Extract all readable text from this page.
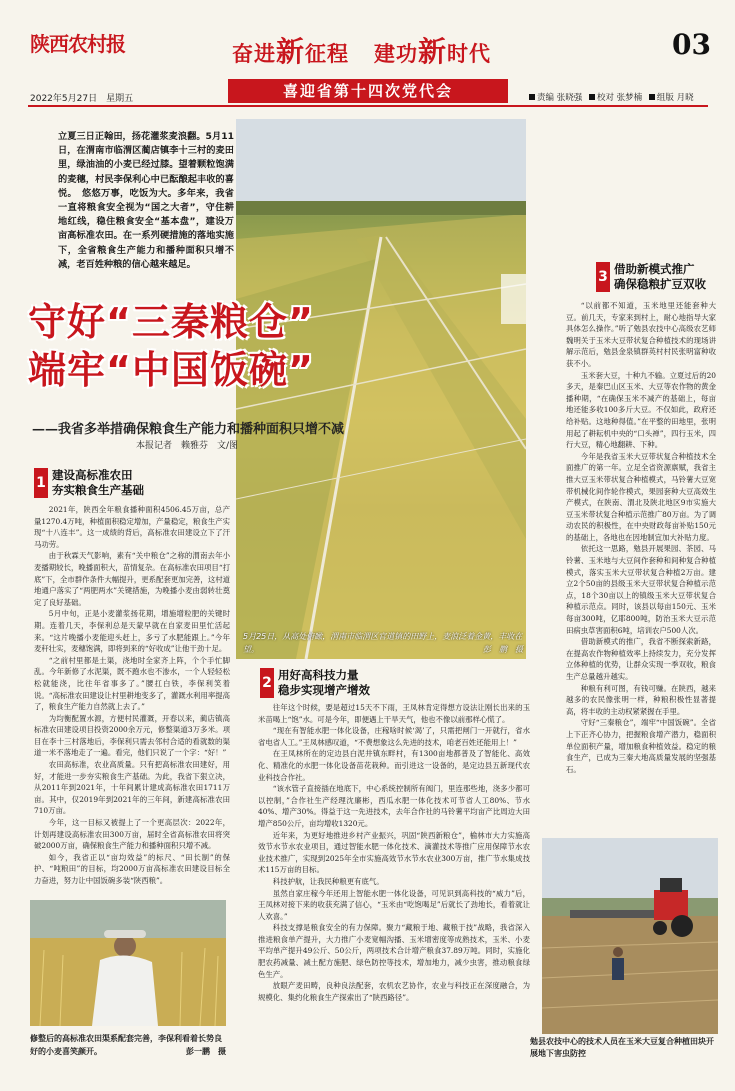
陕西农村报	奋进新征程 建功新时代	03
2022年5月27日　星期五	喜迎省第十四次党代会	责编 张晓强 校对 张梦楠 组版 月晓
立夏三日正翰田，扬花灌浆麦浪翻。5月11日，在渭南市临渭区蔺店镇李十三村的麦田里，绿油油的小麦已经过膝。望着颗粒饱满的麦穗，村民李保利心中已酝酿起丰收的喜悦。　悠悠万事，吃饭为大。多年来，我省一直将粮食安全视为“国之大者”，守住耕地红线，稳住粮食安全“基本盘”，建设万亩高标准农田。在一系列硬措施的落地实施下，全省粮食生产能力和播种面积只增不减，老百姓种粮的信心越来越足。
5月25日，从高处俯瞰，渭南市临渭区官道镇的田野上，麦浪泛着金黄，丰收在望。	彭　鹏　摄
守好“三秦粮仓”
端牢“中国饭碗”
——我省多举措确保粮食生产能力和播种面积只增不减
本报记者　赖雅芬　文/图
1 建设高标准农田
夯实粮食生产基础

2021年，陕西全年粮食播种面积4506.45万亩，总产量1270.4万吨，种植面积稳定增加，产量稳定，粮食生产实现“十八连丰”。这一成绩的背后，高标准农田建设立下了汗马功劳。

由于秋霖天气影响，素有“关中粮仓”之称的渭南去年小麦播期较长，晚播面积大，苗情复杂。在高标准农田项目“打底”下，全市群作条件大幅提升，更系配套更加完善，这村道地通户落实了“两肥两水”关键措施，为晚播小麦由弱转壮奠定了良好基础。

5月中旬，正是小麦灌浆扬花期，增施增粒肥的关键时期。连着几天，李保利总是天蒙早就在自家麦田里忙活起来。“这片晚播小麦能迎头赶上，多亏了水肥能跟上。”今年麦秆壮实，麦穗饱满，即将到来的“好收成”让他干劲十足。

“之前村里都是土渠，浇地时全家齐上阵，个个手忙脚乱。今年新修了水泥渠，既不跑水也不渗水，一个人轻轻松松就能浇，比往年省事多了。”腰扛白铁，李保利笑着说。“高标准农田建设让村里耕地变多了，灌溉水利用率提高了，粮食生产能力自然就上去了。”

为均衡配置水源，方便村民灌溉，开春以来，蔺店镇高标准农田建设项目投资2000余万元，修整渠道3万多米。项目在李十三村落地后，李保利只需去邻村合适的看就数的渠道一米不落地走了一遍。看完，他们只说了一个字：“好！”

农田高标准，农业高质量。只有把高标准农田建好，用好，才能进一步夯实粮食生产基础。为此，我省下狠立决，从2011年到2021年，十年间累计建成高标准农田1711万亩。其中，仅2019年到2021年的三年间，新建高标准农田710万亩。

今年，这一目标又被提上了一个更高层次：2022年，计划再建设高标准农田300万亩，届时全省高标准农田将突破2000万亩，确保粮食生产能力和播种面积只增不减。

如今，我省正以“亩均效益”的标尺、“田长制”的保护、“吨粮田”的目标，均2000万亩高标准农田建设目标全力奋进，努力让中国饭碗多装“陕西粮”。

2 用好高科技力量
稳步实现增产增效

往年这个时候，要是超过15天不下雨，王凤林肯定得想方设法让刚长出来的玉米苗喝上“饱”水。可是今年，即便遇上干旱天气，他也不像以前那样心慌了。

“现在有智能水肥一体化设备，庄稼啥时候‘渴’了，只需把闸门一开就行，省水省电省人工。”王凤林感叹道，“不费想象这么先进的技术，咱老百姓还能用上！”

在王凤林所在的定边县白泥井镇东畔村，有1300亩地都普及了智能化、高效化、精准化的水肥一体化设备苗花栽种。而引进这一设备的，是定边县五新现代农业科技合作社。

“该水管子直接插在地底下，中心系统控制所有阀门，里连那些地，浇多少都可以控制，”合作社生产经理沈廉彬，西瓜水肥一体化技术可节省人工80%、节水40%、增产30%。得益于这一先进技术，去年合作社的马铃薯平均亩产比周边大田增产850公斤，亩均增收1320元。

近年来，为更好地推进乡村产业振兴，巩固“陕西新粮仓”，榆林市大力实施高效节水节水农业项目，通过智能水肥一体化技术、滴灌技术等推广应用保障节水农业技术推广，实现到2025年全市实施高效节水节水农业300万亩，推广节水集成技术115万亩的目标。

科技护航，让我民种粮更有底气。

虽然自家庄稼今年还用上智能水肥一体化设备，可见识到高科技的“威力”后，王凤林对接下来的收获充满了信心，“玉米由“吃饱喝足”后就长了劲地长，看着就让人欢喜。”

科技支撑是粮食安全的有力保障。聚力“藏粮于地、藏粮于技”战略，我省深入推进粮食单产提升，大力推广小麦宽幅沟播、玉米增密度等成熟技术，玉米、小麦平均单产提升49公斤、50公斤，两项技术合计增产粮食37.89万吨。同时，实施化肥农药减量、减土配方施肥、绿色防控等技术，增加地力，减少虫害，推动粮食绿色生产。

放眼产麦田畴，良种良法配套，农机农艺协作，农业与科技正在深度融合，为规模化、集约化粮食生产探索出了“陕西路径”。

3 借助新模式推广
确保稳粮扩豆双收

“以前都不知道，玉米地里还能套种大豆。前几天，专家来到村上，耐心地指导大家具体怎么操作。”听了勉县农技中心高级农艺师魏明关于玉米大豆带状复合种植技术的现场讲解示范后，勉县金泉镇群英村村民张明富种收获不小。

玉米套大豆，十种九不输。立夏过后的20多天，是秦巴山区玉米、大豆等农作物的黄金播种期，“在确保玉米不减产的基础上，每亩地还能多收100多斤大豆。不仅如此，政府还给补贴。这地种得值。”在平整的田地里，张明用起了耕耘机中央的“口头禅”，四行玉米，四行大豆，精心地翻耕、下种。

今年是我省玉米大豆带状复合种植技术全面推广的第一年。立足全省资源禀赋，我省主推大豆玉米带状复合种植模式，马铃薯大豆宽带机械化间作轮作模式，果园套种大豆高效生产模式，在陕南、渭北及陕北地区9市实施大豆玉米带状复合种植示范推广80万亩。为了调动农民的积极性，在中央财政每亩补贴150元的基础上，各地也在因地制宜加大补贴力度。

依托这一思路，勉县开展果园、茶园、马铃薯、玉米地与大豆间作套种和间种复合种植模式，落实玉米大豆带状复合种植2万亩。建立2个50亩的县级玉米大豆带状复合种植示范点，18个30亩以上的镇级玉米大豆带状复合种植示范点。同时，该县以每亩150元、玉米每亩300吨，亿耶800吨，防治玉米大豆示范田病虫草害面积6吨，培训农户500人次。

借助新模式的推广，我省不断探索新路，在提高农作物种植效率上持续发力，充分发挥立体种植的优势，让群众实现一季双收，粮食生产总量越升越实。

种粮有利可图，有钱可赚。在陕西，越来越多的农民像张明一样，种粮积极性显著提高，将丰收的主动权紧紧握在手里。

守好“三秦粮仓”，端牢“中国饭碗”。全省上下正齐心协力，把握粮食增产潜力，稳面积单位面积产量，增加粮食种植效益。稳定的粮食生产，已成为三秦大地高质量发展的坚强基石。

修整后的高标准农田渠系配套完善，李保利看着长势良好的小麦喜笑颜开。	彭一鹏　摄
勉县农技中心的技术人员在玉米大豆复合种植田块开展地下害虫防控
